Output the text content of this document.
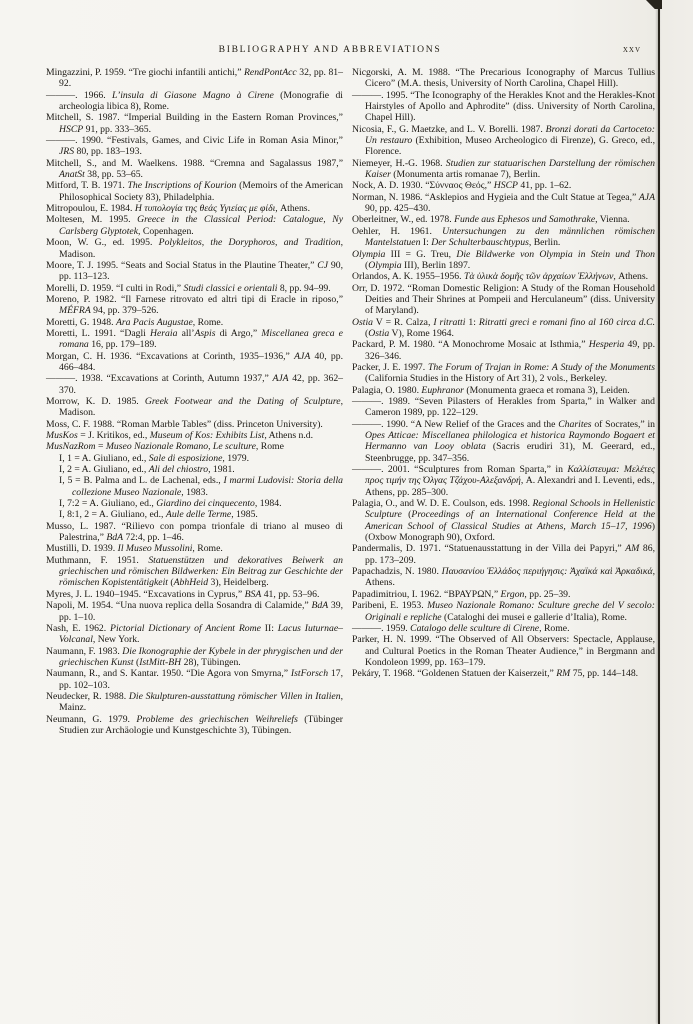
BIBLIOGRAPHY AND ABBREVIATIONS	xxv

Mingazzini, P. 1959. “Tre giochi infantili antichi,” RendPontAcc 32, pp. 81–92.

———. 1966. L’insula di Giasone Magno à Cirene (Monografie di archeologia libica 8), Rome.

Mitchell, S. 1987. “Imperial Building in the Eastern Roman Provinces,” HSCP 91, pp. 333–365.

———. 1990. “Festivals, Games, and Civic Life in Roman Asia Minor,” JRS 80, pp. 183–193.

Mitchell, S., and M. Waelkens. 1988. “Cremna and Sagalassus 1987,” AnatSt 38, pp. 53–65.

Mitford, T. B. 1971. The Inscriptions of Kourion (Memoirs of the American Philosophical Society 83), Philadelphia.

Mitropoulou, E. 1984. Η τυπολογία της θεάς Υγιείας με φίδι, Athens.

Moltesen, M. 1995. Greece in the Classical Period: Catalogue, Ny Carlsberg Glyptotek, Copenhagen.

Moon, W. G., ed. 1995. Polykleitos, the Doryphoros, and Tradition, Madison.

Moore, T. J. 1995. “Seats and Social Status in the Plautine Theater,” CJ 90, pp. 113–123.

Morelli, D. 1959. “I culti in Rodi,” Studi classici e orientali 8, pp. 94–99.

Moreno, P. 1982. “Il Farnese ritrovato ed altri tipi di Eracle in riposo,” MÉFRA 94, pp. 379–526.

Moretti, G. 1948. Ara Pacis Augustae, Rome.

Moretti, L. 1991. “Dagli Heraia all’Aspis di Argo,” Miscellanea greca e romana 16, pp. 179–189.

Morgan, C. H. 1936. “Excavations at Corinth, 1935–1936,” AJA 40, pp. 466–484.

———. 1938. “Excavations at Corinth, Autumn 1937,” AJA 42, pp. 362–370.

Morrow, K. D. 1985. Greek Footwear and the Dating of Sculpture, Madison.

Moss, C. F. 1988. “Roman Marble Tables” (diss. Princeton University).

MusKos = J. Kritikos, ed., Museum of Kos: Exhibits List, Athens n.d.

MusNazRom = Museo Nazionale Romano, Le sculture, Rome

I, 1 = A. Giuliano, ed., Sale di esposizione, 1979.

I, 2 = A. Giuliano, ed., Ali del chiostro, 1981.

I, 5 = B. Palma and L. de Lachenal, eds., I marmi Ludovisi: Storia della collezione Museo Nazionale, 1983.

I, 7:2 = A. Giuliano, ed., Giardino dei cinquecento, 1984.

I, 8:1, 2 = A. Giuliano, ed., Aule delle Terme, 1985.

Musso, L. 1987. “Rilievo con pompa trionfale di triano al museo di Palestrina,” BdA 72:4, pp. 1–46.

Mustilli, D. 1939. Il Museo Mussolini, Rome.

Muthmann, F. 1951. Statuenstützen und dekoratives Beiwerk an griechischen und römischen Bildwerken: Ein Beitrag zur Geschichte der römischen Kopistentätigkeit (AbhHeid 3), Heidelberg.

Myres, J. L. 1940–1945. “Excavations in Cyprus,” BSA 41, pp. 53–96.

Napoli, M. 1954. “Una nuova replica della Sosandra di Calamide,” BdA 39, pp. 1–10.

Nash, E. 1962. Pictorial Dictionary of Ancient Rome II: Lacus Iuturnae–Volcanal, New York.

Naumann, F. 1983. Die Ikonographie der Kybele in der phrygischen und der griechischen Kunst (IstMitt-BH 28), Tübingen.

Naumann, R., and S. Kantar. 1950. “Die Agora von Smyrna,” IstForsch 17, pp. 102–103.

Neudecker, R. 1988. Die Skulpturen-ausstattung römischer Villen in Italien, Mainz.

Neumann, G. 1979. Probleme des griechischen Weihreliefs (Tübinger Studien zur Archäologie und Kunstgeschichte 3), Tübingen.

Nicgorski, A. M. 1988. “The Precarious Iconography of Marcus Tullius Cicero” (M.A. thesis, University of North Carolina, Chapel Hill).

———. 1995. “The Iconography of the Herakles Knot and the Herakles-Knot Hairstyles of Apollo and Aphrodite” (diss. University of North Carolina, Chapel Hill).

Nicosia, F., G. Maetzke, and L. V. Borelli. 1987. Bronzi dorati da Cartoceto: Un restauro (Exhibition, Museo Archeologico di Firenze), G. Greco, ed., Florence.

Niemeyer, H.-G. 1968. Studien zur statuarischen Darstellung der römischen Kaiser (Monumenta artis romanae 7), Berlin.

Nock, A. D. 1930. “Σύνναος Θεός,” HSCP 41, pp. 1–62.

Norman, N. 1986. “Asklepios and Hygieia and the Cult Statue at Tegea,” AJA 90, pp. 425–430.

Oberleitner, W., ed. 1978. Funde aus Ephesos und Samothrake, Vienna.

Oehler, H. 1961. Untersuchungen zu den männlichen römischen Mantelstatuen I: Der Schulterbauschtypus, Berlin.

Olympia III = G. Treu, Die Bildwerke von Olympia in Stein und Thon (Olympia III), Berlin 1897.

Orlandos, A. K. 1955–1956. Τὰ ὑλικὰ δομῆς τῶν ἀρχαίων Ἑλλήνων, Athens.

Orr, D. 1972. “Roman Domestic Religion: A Study of the Roman Household Deities and Their Shrines at Pompeii and Herculaneum” (diss. University of Maryland).

Ostia V = R. Calza, I ritratti 1: Ritratti greci e romani fino al 160 circa d.C. (Ostia V), Rome 1964.

Packard, P. M. 1980. “A Monochrome Mosaic at Isthmia,” Hesperia 49, pp. 326–346.

Packer, J. E. 1997. The Forum of Trajan in Rome: A Study of the Monuments (California Studies in the History of Art 31), 2 vols., Berkeley.

Palagia, O. 1980. Euphranor (Monumenta graeca et romana 3), Leiden.

———. 1989. “Seven Pilasters of Herakles from Sparta,” in Walker and Cameron 1989, pp. 122–129.

———. 1990. “A New Relief of the Graces and the Charites of Socrates,” in Opes Atticae: Miscellanea philologica et historica Raymondo Bogaert et Hermanno van Looy oblata (Sacris erudiri 31), M. Geerard, ed., Steenbrugge, pp. 347–356.

———. 2001. “Sculptures from Roman Sparta,” in Καλλίστευμα: Μελέτες προς τιμήν της Όλγας Τζάχου-Αλεξανδρή, A. Alexandri and I. Leventi, eds., Athens, pp. 285–300.

Palagia, O., and W. D. E. Coulson, eds. 1998. Regional Schools in Hellenistic Sculpture (Proceedings of an International Conference Held at the American School of Classical Studies at Athens, March 15–17, 1996) (Oxbow Monograph 90), Oxford.

Pandermalis, D. 1971. “Statuenausstattung in der Villa dei Papyri,” AM 86, pp. 173–209.

Papachadzis, N. 1980. Παυσανίου Ἑλλάδος περιήγησις: Ἀχαϊκά καὶ Ἀρκαδικά, Athens.

Papadimitriou, I. 1962. “ΒΡΑΥΡΩΝ,” Ergon, pp. 25–39.

Paribeni, E. 1953. Museo Nazionale Romano: Sculture greche del V secolo: Originali e repliche (Cataloghi dei musei e gallerie d’Italia), Rome.

———. 1959. Catalogo delle sculture di Cirene, Rome.

Parker, H. N. 1999. “The Observed of All Observers: Spectacle, Applause, and Cultural Poetics in the Roman Theater Audience,” in Bergmann and Kondoleon 1999, pp. 163–179.

Pekáry, T. 1968. “Goldenen Statuen der Kaiserzeit,” RM 75, pp. 144–148.
